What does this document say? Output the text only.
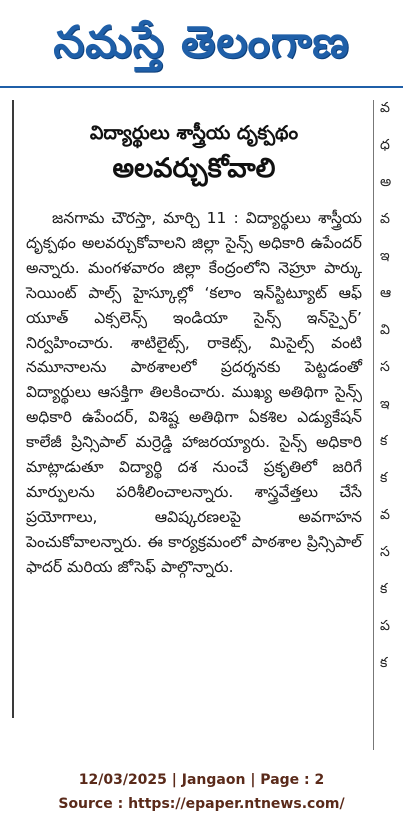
నమస్తే తెలంగాణ
విద్యార్థులు శాస్త్రీయ దృక్పథం
అలవర్చుకోవాలి
జనగామ చౌరస్తా, మార్చి 11 : విద్యార్థులు శాస్త్రీయ దృక్పథం అలవర్చుకోవాలని జిల్లా సైన్స్ అధికారి ఉపేందర్ అన్నారు. మంగళవారం జిల్లా కేంద్రంలోని నెహ్రూ పార్కు సెయింట్ పాల్స్ హైస్కూల్లో ‘కలాం ఇన్‌స్టిట్యూట్ ఆఫ్ యూత్ ఎక్సలెన్స్ ఇండియా సైన్స్ ఇన్‌స్పైర్’ నిర్వహించారు. శాటిలైట్స్, రాకెట్స్, మిసైల్స్ వంటి నమూనాలను పాఠశాలలో ప్రదర్శనకు పెట్టడంతో విద్యార్థులు ఆసక్తిగా తిలకించారు. ముఖ్య అతిథిగా సైన్స్ అధికారి ఉపేందర్, విశిష్ట అతిథిగా ఏకశిల ఎడ్యుకేషన్ కాలేజీ ప్రిన్సిపాల్ మర్రెడ్డి హాజరయ్యారు. సైన్స్ అధికారి మాట్లాడుతూ విద్యార్థి దశ నుంచే ప్రకృతిలో జరిగే మార్పులను పరిశీలించాలన్నారు. శాస్త్రవేత్తలు చేసే ప్రయోగాలు, ఆవిష్కరణలపై అవగాహన పెంచుకోవాలన్నారు. ఈ కార్యక్రమంలో పాఠశాల ప్రిన్సిపాల్ ఫాదర్ మరియ జోసెఫ్ పాల్గొన్నారు.
వ
ధ
అ
వ
ఇ
ఆ
వి
స
ఇ
క
క
వ
స
క
ప
క
12/03/2025 | Jangaon | Page : 2
Source : https://epaper.ntnews.com/
